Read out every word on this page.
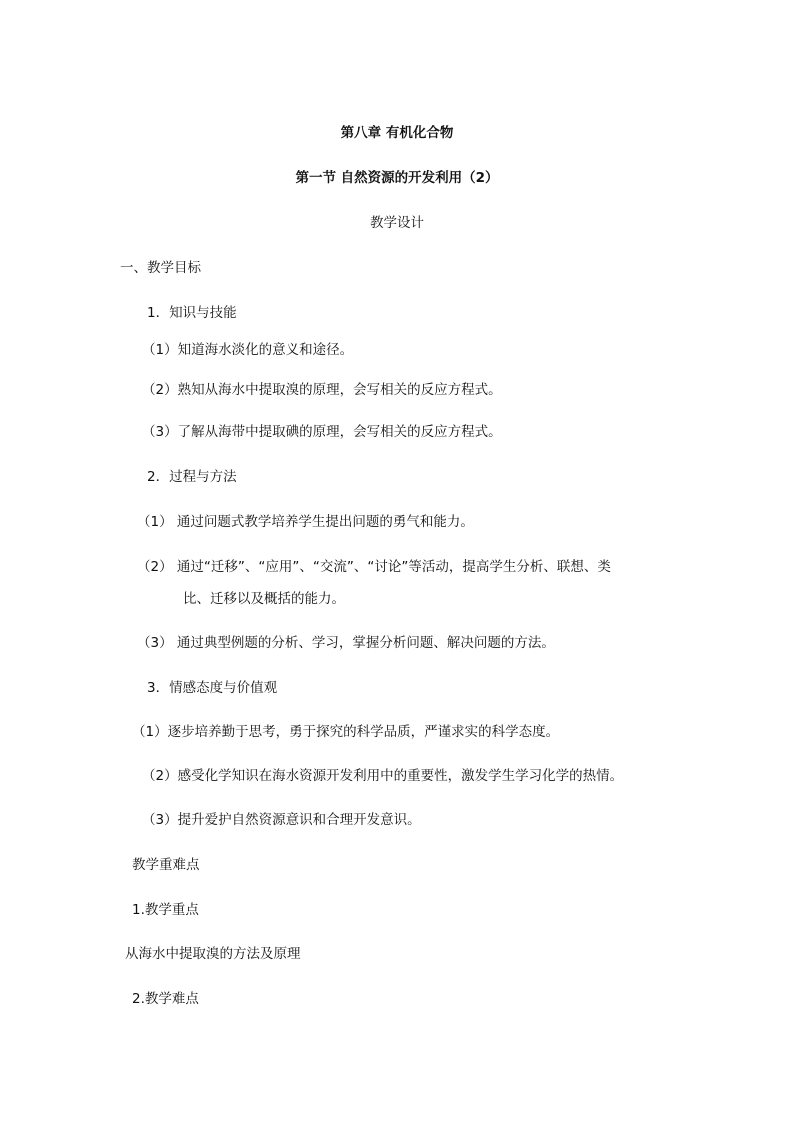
第八章 有机化合物
第一节 自然资源的开发利用（2）
教学设计
一、教学目标
1．知识与技能
（1）知道海水淡化的意义和途径。
（2）熟知从海水中提取溴的原理，会写相关的反应方程式。
（3）了解从海带中提取碘的原理，会写相关的反应方程式。
2．过程与方法
（1） 通过问题式教学培养学生提出问题的勇气和能力。
（2） 通过“迁移”、“应用”、“交流”、“讨论”等活动，提高学生分析、联想、类
比、迁移以及概括的能力。
（3） 通过典型例题的分析、学习，掌握分析问题、解决问题的方法。
3．情感态度与价值观
（1）逐步培养勤于思考，勇于探究的科学品质，严谨求实的科学态度。
（2）感受化学知识在海水资源开发利用中的重要性，激发学生学习化学的热情。
（3）提升爱护自然资源意识和合理开发意识。
教学重难点
1.教学重点
从海水中提取溴的方法及原理
2.教学难点
